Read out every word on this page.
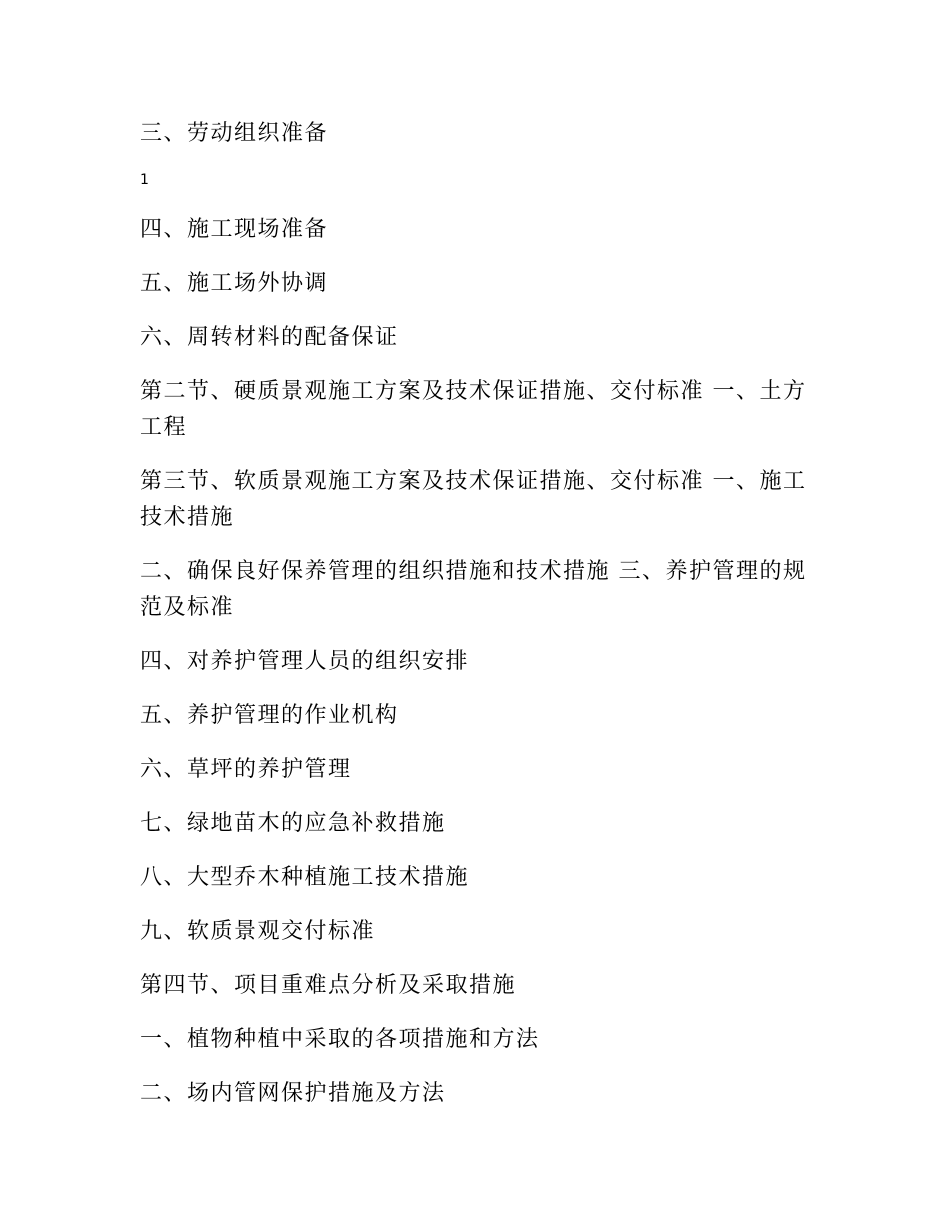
三、劳动组织准备
1
四、施工现场准备
五、施工场外协调
六、周转材料的配备保证
第二节、硬质景观施工方案及技术保证措施、交付标准 一、土方工程
第三节、软质景观施工方案及技术保证措施、交付标准 一、施工技术措施
二、确保良好保养管理的组织措施和技术措施 三、养护管理的规范及标准
四、对养护管理人员的组织安排
五、养护管理的作业机构
六、草坪的养护管理
七、绿地苗木的应急补救措施
八、大型乔木种植施工技术措施
九、软质景观交付标准
第四节、项目重难点分析及采取措施
一、植物种植中采取的各项措施和方法
二、场内管网保护措施及方法
